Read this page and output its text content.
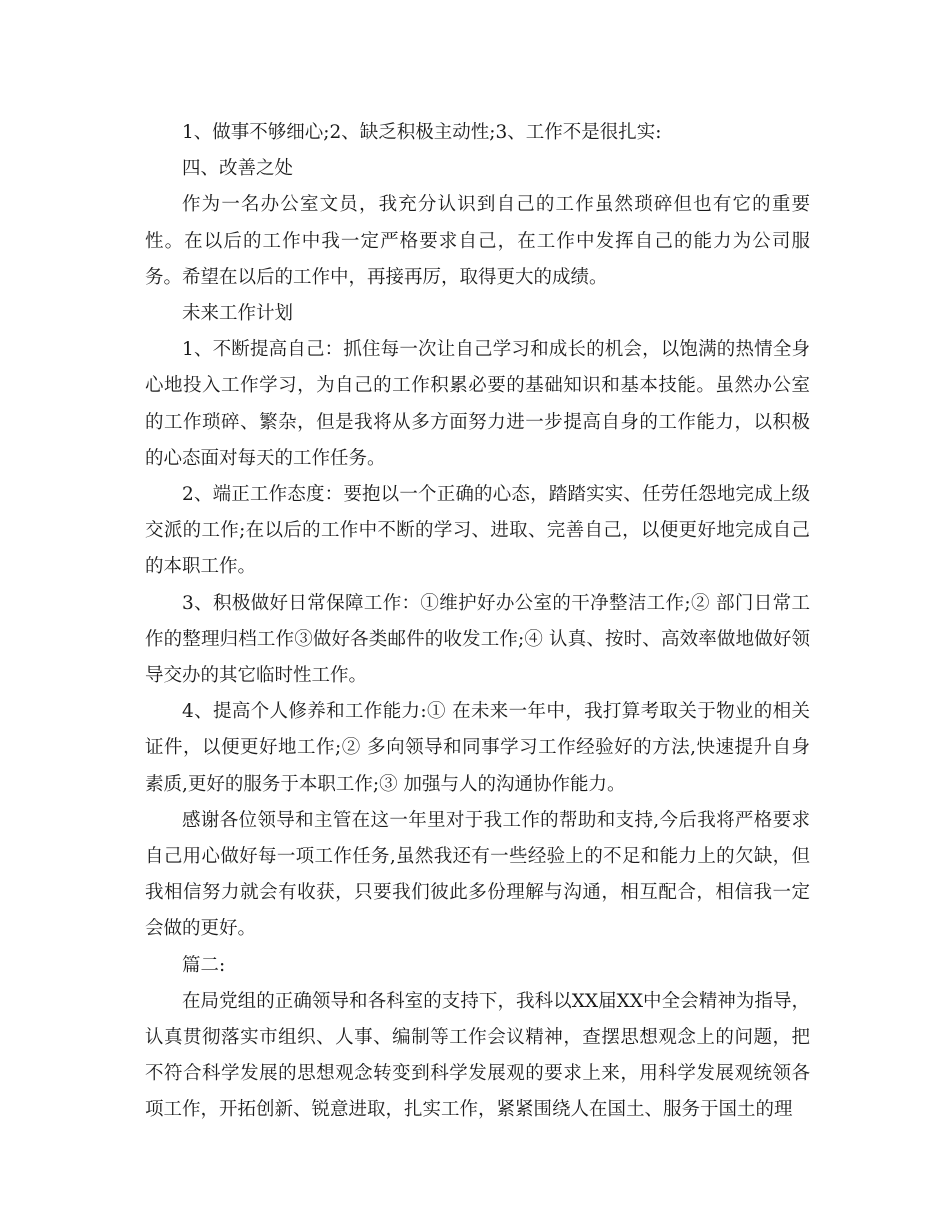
1、做事不够细心;2、缺乏积极主动性;3、工作不是很扎实:

四、改善之处

作为一名办公室文员，我充分认识到自己的工作虽然琐碎但也有它的重要性。在以后的工作中我一定严格要求自己，在工作中发挥自己的能力为公司服务。希望在以后的工作中，再接再厉，取得更大的成绩。

未来工作计划

1、不断提高自己：抓住每一次让自己学习和成长的机会，以饱满的热情全身心地投入工作学习，为自己的工作积累必要的基础知识和基本技能。虽然办公室的工作琐碎、繁杂，但是我将从多方面努力进一步提高自身的工作能力，以积极的心态面对每天的工作任务。

2、端正工作态度：要抱以一个正确的心态，踏踏实实、任劳任怨地完成上级交派的工作;在以后的工作中不断的学习、进取、完善自己，以便更好地完成自己的本职工作。

3、积极做好日常保障工作：①维护好办公室的干净整洁工作;② 部门日常工作的整理归档工作③做好各类邮件的收发工作;④ 认真、按时、高效率做地做好领导交办的其它临时性工作。

4、提高个人修养和工作能力:① 在未来一年中，我打算考取关于物业的相关证件，以便更好地工作;② 多向领导和同事学习工作经验好的方法,快速提升自身素质,更好的服务于本职工作;③ 加强与人的沟通协作能力。

感谢各位领导和主管在这一年里对于我工作的帮助和支持,今后我将严格要求自己用心做好每一项工作任务,虽然我还有一些经验上的不足和能力上的欠缺，但我相信努力就会有收获，只要我们彼此多份理解与沟通，相互配合，相信我一定会做的更好。

篇二:

在局党组的正确领导和各科室的支持下，我科以XX届XX中全会精神为指导，认真贯彻落实市组织、人事、编制等工作会议精神，查摆思想观念上的问题，把不符合科学发展的思想观念转变到科学发展观的要求上来，用科学发展观统领各项工作，开拓创新、锐意进取，扎实工作，紧紧围绕人在国土、服务于国土的理
